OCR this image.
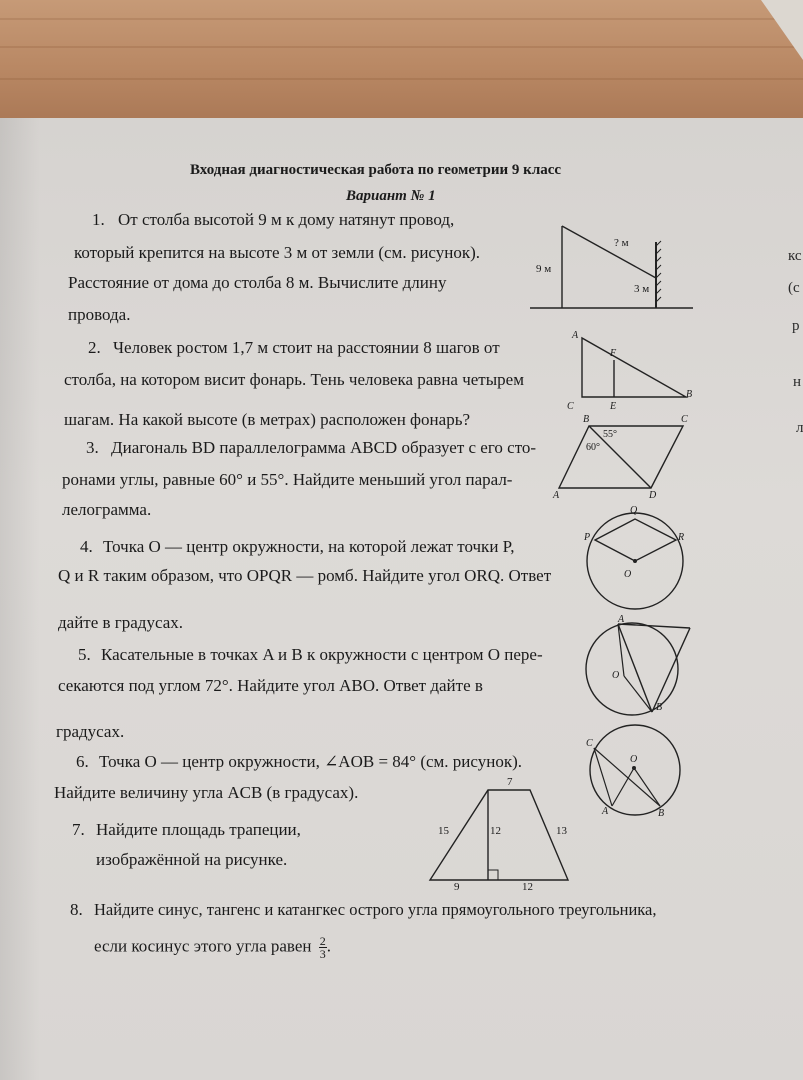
Входная диагностическая работа по геометрии 9 класс
Вариант № 1
1. От столба высотой 9 м к дому натянут провод,
который крепится на высоте 3 м от земли (см. рисунок).
Расстояние от дома до столба 8 м. Вычислите длину
провода.
2. Человек ростом 1,7 м стоит на расстоянии 8 шагов от
столба, на котором висит фонарь. Тень человека равна четырем
шагам. На какой высоте (в метрах) расположен фонарь?
3. Диагональ BD параллелограмма ABCD образует с его сто-
ронами углы, равные 60° и 55°. Найдите меньший угол парал-
лелограмма.
4. Точка O — центр окружности, на которой лежат точки P,
Q и R таким образом, что OPQR — ромб. Найдите угол ORQ. Ответ
дайте в градусах.
5. Касательные в точках A и B к окружности с центром O пере-
секаются под углом 72°. Найдите угол ABO. Ответ дайте в
градусах.
6. Точка O — центр окружности, ∠AOB = 84° (см. рисунок).
Найдите величину угла ACB (в градусах).
7. Найдите площадь трапеции,
изображённой на рисунке.
8. Найдите синус, тангенс и катангкес острого угла прямоугольного треугольника,
если косинус этого угла равен $\frac{2}{3}$ .
9 м
? м
3 м
A
F
C	E
B
B	C
A	D
55°
60°
Q
P	R
O
A
O
B
C
O
A	B
7
15	12	13
9	12
кс
(с
р
н
л
